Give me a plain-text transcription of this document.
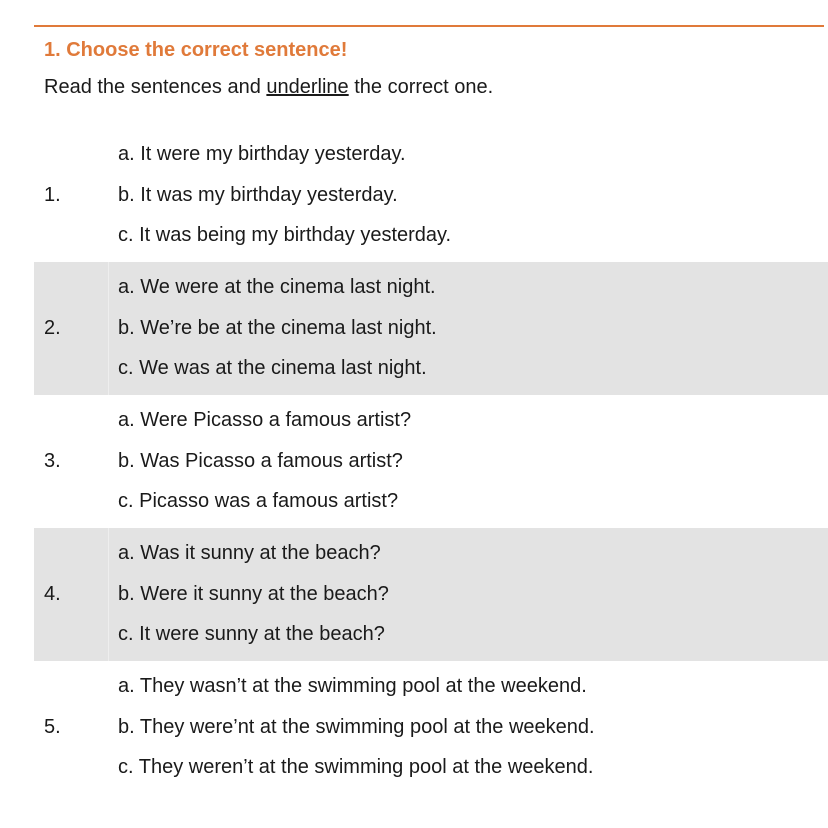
1. Choose the correct sentence!
Read the sentences and underline the correct one.
1.
a. It were my birthday yesterday.
b. It was my birthday yesterday.
c. It was being my birthday yesterday.
2.
a. We were at the cinema last night.
b. We’re be at the cinema last night.
c. We was at the cinema last night.
3.
a. Were Picasso a famous artist?
b. Was Picasso a famous artist?
c. Picasso was a famous artist?
4.
a. Was it sunny at the beach?
b. Were it sunny at the beach?
c. It were sunny at the beach?
5.
a. They wasn’t at the swimming pool at the weekend.
b. They were’nt at the swimming pool at the weekend.
c. They weren’t at the swimming pool at the weekend.
